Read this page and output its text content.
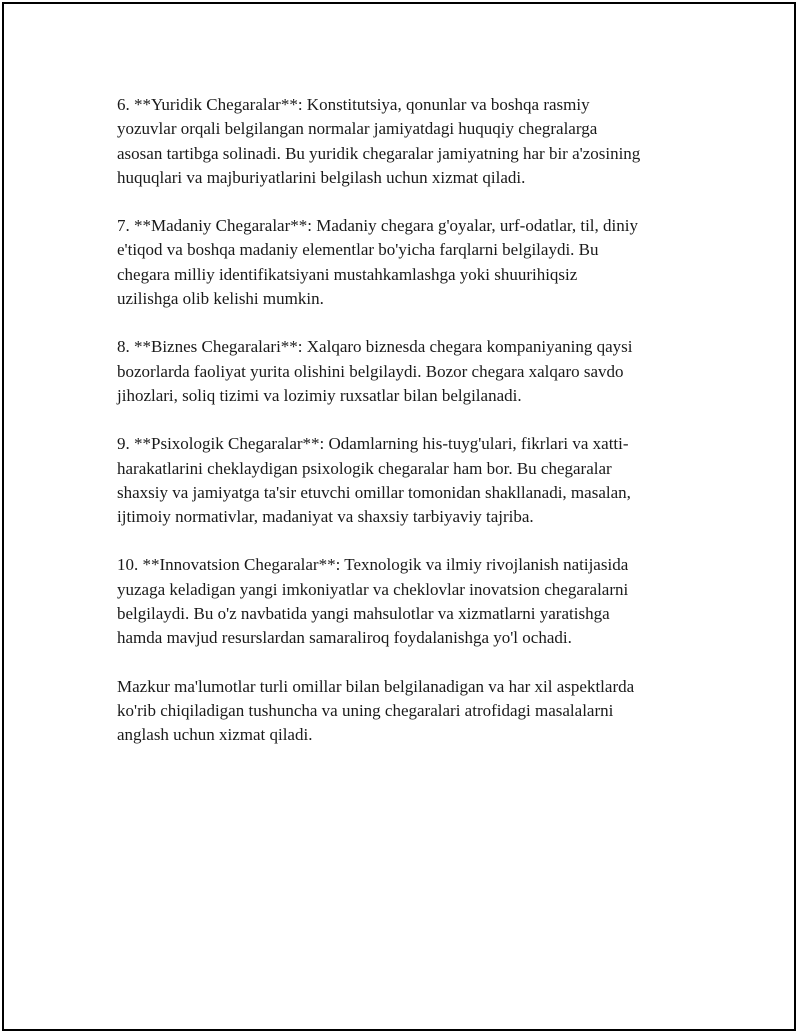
6. **Yuridik Chegaralar**: Konstitutsiya, qonunlar va boshqa rasmiy
yozuvlar orqali belgilangan normalar jamiyatdagi huquqiy chegralarga
asosan tartibga solinadi. Bu yuridik chegaralar jamiyatning har bir a'zosining
huquqlari va majburiyatlarini belgilash uchun xizmat qiladi.

7. **Madaniy Chegaralar**: Madaniy chegara g'oyalar, urf-odatlar, til, diniy
e'tiqod va boshqa madaniy elementlar bo'yicha farqlarni belgilaydi. Bu
chegara milliy identifikatsiyani mustahkamlashga yoki shuurihiqsiz
uzilishga olib kelishi mumkin.

8. **Biznes Chegaralari**: Xalqaro biznesda chegara kompaniyaning qaysi
bozorlarda faoliyat yurita olishini belgilaydi. Bozor chegara xalqaro savdo
jihozlari, soliq tizimi va lozimiy ruxsatlar bilan belgilanadi.

9. **Psixologik Chegaralar**: Odamlarning his-tuyg'ulari, fikrlari va xatti-
harakatlarini cheklaydigan psixologik chegaralar ham bor. Bu chegaralar
shaxsiy va jamiyatga ta'sir etuvchi omillar tomonidan shakllanadi, masalan,
ijtimoiy normativlar, madaniyat va shaxsiy tarbiyaviy tajriba.

10. **Innovatsion Chegaralar**: Texnologik va ilmiy rivojlanish natijasida
yuzaga keladigan yangi imkoniyatlar va cheklovlar inovatsion chegaralarni
belgilaydi. Bu o'z navbatida yangi mahsulotlar va xizmatlarni yaratishga
hamda mavjud resurslardan samaraliroq foydalanishga yo'l ochadi.

Mazkur ma'lumotlar turli omillar bilan belgilanadigan va har xil aspektlarda
ko'rib chiqiladigan tushuncha va uning chegaralari atrofidagi masalalarni
anglash uchun xizmat qiladi.
